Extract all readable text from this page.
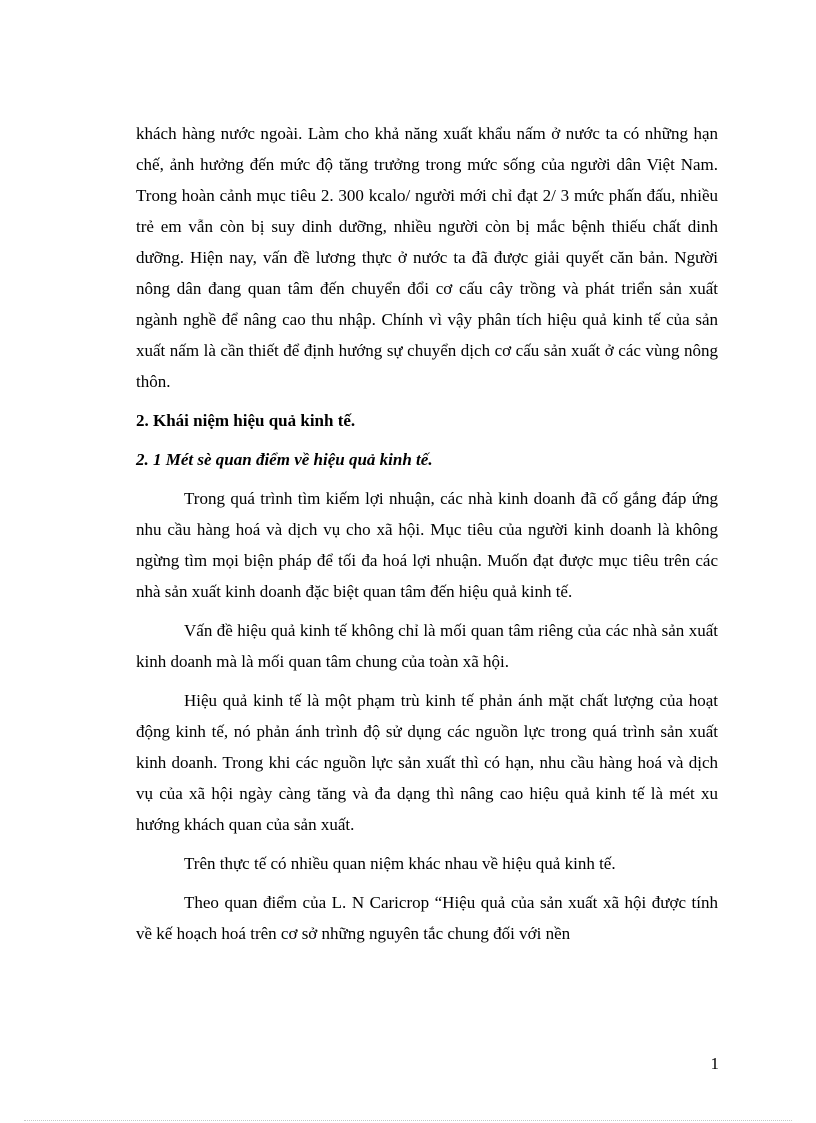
khách hàng nước ngoài. Làm cho khả năng xuất khẩu nấm ở nước ta có những hạn chế, ảnh hưởng đến mức độ tăng trưởng trong mức sống của người dân Việt Nam. Trong hoàn cảnh mục tiêu 2. 300 kcalo/ người mới chỉ đạt 2/ 3 mức phấn đấu, nhiều trẻ em vẫn còn bị suy dinh dưỡng, nhiều người còn bị mắc bệnh thiếu chất dinh dưỡng. Hiện nay, vấn đề lương thực ở nước ta đã được giải quyết căn bản. Người nông dân đang quan tâm đến chuyển đổi cơ cấu cây trồng và phát triển sản xuất ngành nghề để nâng cao thu nhập. Chính vì vậy phân tích hiệu quả kinh tế của sản xuất nấm là cần thiết để định hướng sự chuyển dịch cơ cấu sản xuất ở các vùng nông thôn.

2. Khái niệm hiệu quả kinh tế.

2. 1 Mét sè quan điểm về hiệu quả kinh tế.

Trong quá trình tìm kiếm lợi nhuận, các nhà kinh doanh đã cố gắng đáp ứng nhu cầu hàng hoá và dịch vụ cho xã hội. Mục tiêu của người kinh doanh là không ngừng tìm mọi biện pháp để tối đa hoá lợi nhuận. Muốn đạt được mục tiêu trên các nhà sản xuất kinh doanh đặc biệt quan tâm đến hiệu quả kinh tế.

Vấn đề hiệu quả kinh tế không chỉ là mối quan tâm riêng của các nhà sản xuất kinh doanh mà là mối quan tâm chung của toàn xã hội.

Hiệu quả kinh tế là một phạm trù kinh tế phản ánh mặt chất lượng của hoạt động kinh tế, nó phản ánh trình độ sử dụng các nguồn lực trong quá trình sản xuất kinh doanh. Trong khi các nguồn lực sản xuất thì có hạn, nhu cầu hàng hoá và dịch vụ của xã hội ngày càng tăng và đa dạng thì nâng cao hiệu quả kinh tế là mét xu hướng khách quan của sản xuất.

Trên thực tế có nhiều quan niệm khác nhau về hiệu quả kinh tế.

Theo quan điểm của L. N Caricrop “Hiệu quả của sản xuất xã hội được tính về kế hoạch hoá trên cơ sở những nguyên tắc chung đối với nền

1
